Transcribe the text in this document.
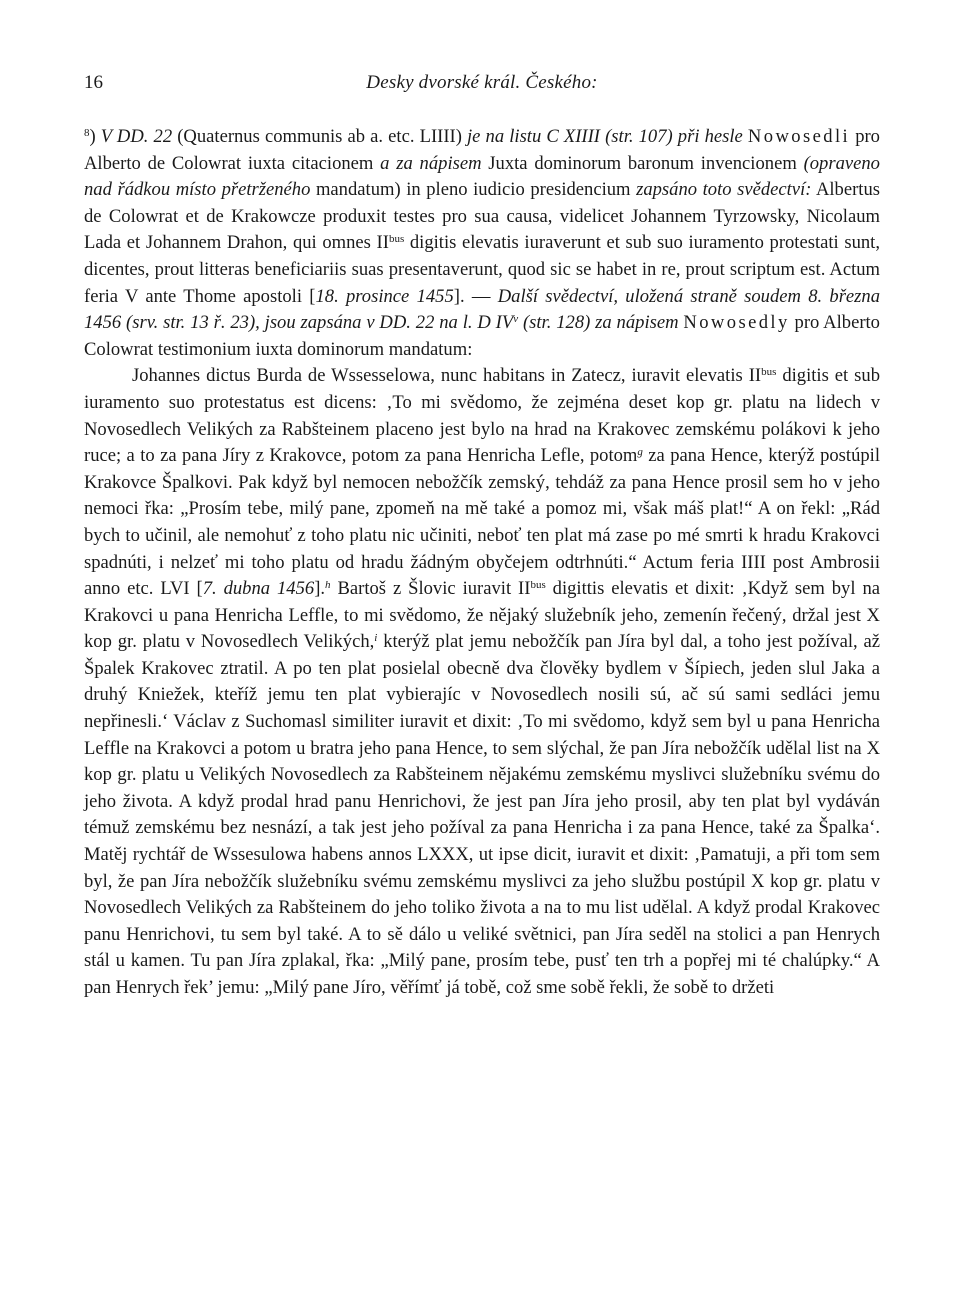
16	Desky dvorské král. Českého:

$^8$) V DD. 22 (Quaternus communis ab a. etc. LIIII) je na listu C XIIII (str. 107) při hesle Nowosedli pro Alberto de Colowrat iuxta citacionem a za nápisem Juxta dominorum baronum invencionem (opraveno nad řádkou místo přetrženého mandatum) in pleno iudicio presidencium zapsáno toto svědectví: Albertus de Colowrat et de Krakowcze produxit testes pro sua causa, videlicet Johannem Tyrzowsky, Nicolaum Lada et Johannem Drahon, qui omnes $II^{bus}$ digitis elevatis iuraverunt et sub suo iuramento protestati sunt, dicentes, prout litteras beneficiariis suas presentaverunt, quod sic se habet in re, prout scriptum est. Actum feria V ante Thome apostoli [18. prosince 1455]. — Další svědectví, uložená straně soudem 8. března 1456 (srv. str. 13 ř. 23), jsou zapsána v DD. 22 na l. D $IV^v$ (str. 128) za nápisem Nowosedly pro Alberto Colowrat testimonium iuxta dominorum mandatum:

Johannes dictus Burda de Wssesselowa, nunc habitans in Zatecz, iuravit elevatis $II^{bus}$ digitis et sub iuramento suo protestatus est dicens: ‚To mi svědomo, že zejména deset kop gr. platu na lidech v Novosedlech Velikých za Rabšteinem placeno jest bylo na hrad na Krakovec zemskému polákovi k jeho ruce; a to za pana Jíry z Krakovce, potom za pana Henricha Lefle, potom$^g$ za pana Hence, kterýž postúpil Krakovce Špalkovi. Pak když byl nemocen nebožčík zemský, tehdáž za pana Hence prosil sem ho v jeho nemoci řka: „Prosím tebe, milý pane, zpomeň na mě také a pomoz mi, však máš plat!“ A on řekl: „Rád bych to učinil, ale nemohuť z toho platu nic učiniti, neboť ten plat má zase po mé smrti k hradu Krakovci spadnúti, i nelzeť mi toho platu od hradu žádným obyčejem odtrhnúti.“ Actum feria IIII post Ambrosii anno etc. LVI [7. dubna 1456].$^h$ Bartoš z Šlovic iuravit $II^{bus}$ digittis elevatis et dixit: ‚Když sem byl na Krakovci u pana Henricha Leffle, to mi svědomo, že nějaký služebník jeho, zemenín řečený, držal jest X kop gr. platu v Novosedlech Velikých,$^i$ kterýž plat jemu nebožčík pan Jíra byl dal, a toho jest požíval, až Špalek Krakovec ztratil. A po ten plat posielal obecně dva člověky bydlem v Šípiech, jeden slul Jaka a druhý Kniežek, kteříž jemu ten plat vybierajíc v Novosedlech nosili sú, ač sú sami sedláci jemu nepřinesli.‘ Václav z Suchomasl similiter iuravit et dixit: ‚To mi svědomo, když sem byl u pana Henricha Leffle na Krakovci a potom u bratra jeho pana Hence, to sem slýchal, že pan Jíra nebožčík udělal list na X kop gr. platu u Velikých Novosedlech za Rabšteinem nějakému zemskému myslivci služebníku svému do jeho života. A když prodal hrad panu Henrichovi, že jest pan Jíra jeho prosil, aby ten plat byl vydáván témuž zemskému bez nesnází, a tak jest jeho požíval za pana Henricha i za pana Hence, také za Špalka‘. Matěj rychtář de Wssesulowa habens annos LXXX, ut ipse dicit, iuravit et dixit: ‚Pamatuji, a při tom sem byl, že pan Jíra nebožčík služebníku svému zemskému myslivci za jeho službu postúpil X kop gr. platu v Novosedlech Velikých za Rabšteinem do jeho toliko života a na to mu list udělal. A když prodal Krakovec panu Henrichovi, tu sem byl také. A to sě dálo u veliké světnici, pan Jíra seděl na stolici a pan Henrych stál u kamen. Tu pan Jíra zplakal, řka: „Milý pane, prosím tebe, pusť ten trh a popřej mi té chalúpky.“ A pan Henrych řek’ jemu: „Milý pane Jíro, věřímť já tobě, což sme sobě řekli, že sobě to držeti
